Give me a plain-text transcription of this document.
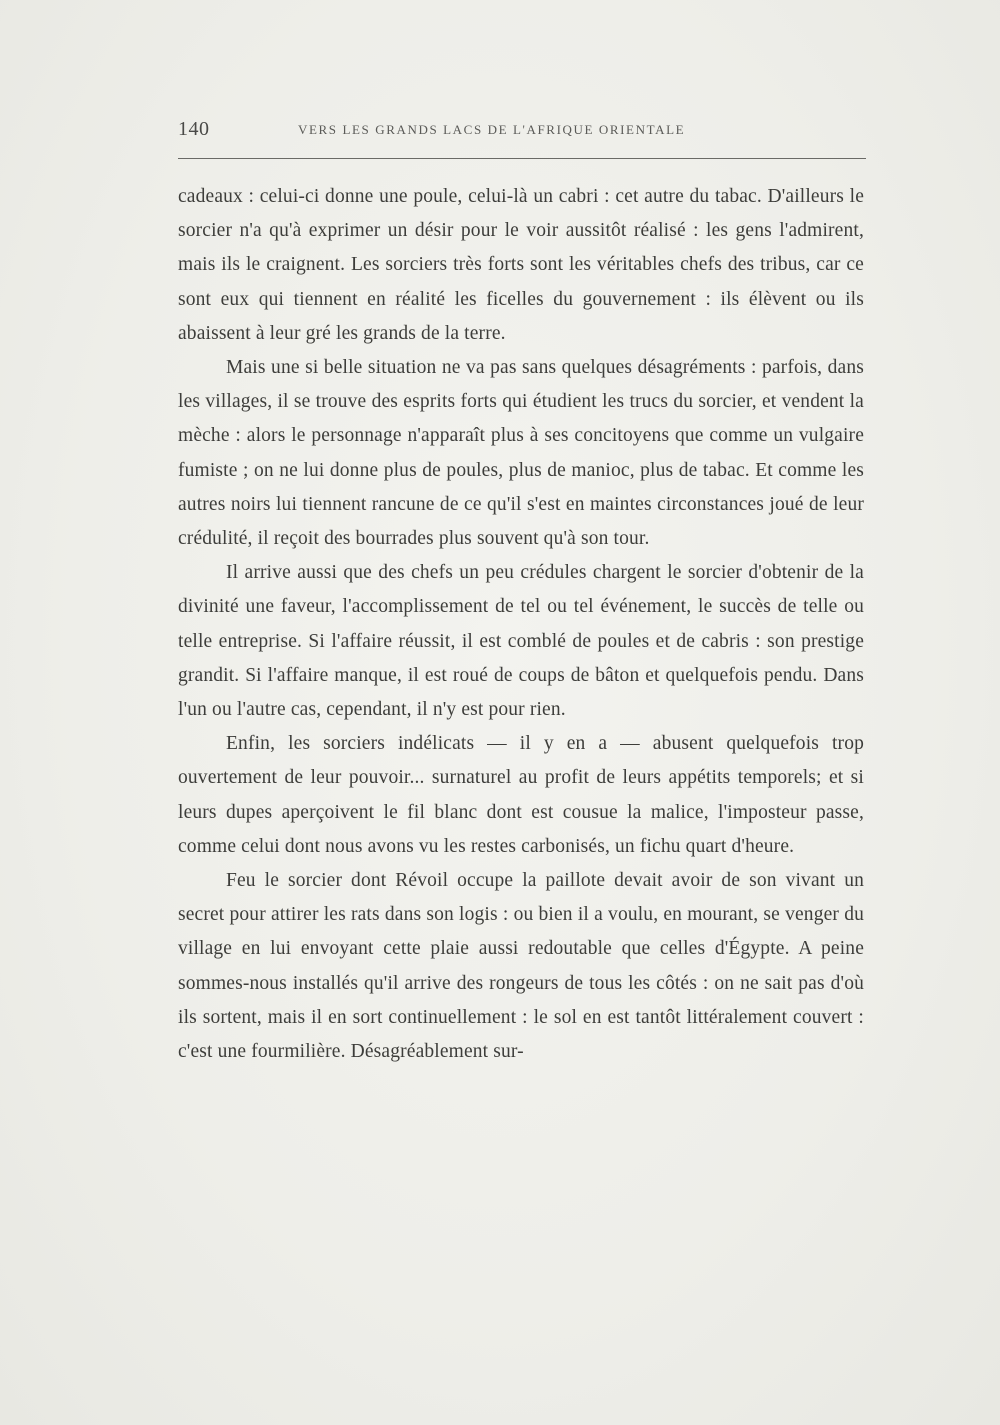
140	VERS LES GRANDS LACS DE L'AFRIQUE ORIENTALE

cadeaux : celui-ci donne une poule, celui-là un cabri : cet autre du tabac. D'ailleurs le sorcier n'a qu'à exprimer un désir pour le voir aussitôt réalisé : les gens l'admirent, mais ils le craignent. Les sorciers très forts sont les véritables chefs des tribus, car ce sont eux qui tiennent en réalité les ficelles du gouvernement : ils élèvent ou ils abaissent à leur gré les grands de la terre.

Mais une si belle situation ne va pas sans quelques désagréments : parfois, dans les villages, il se trouve des esprits forts qui étudient les trucs du sorcier, et vendent la mèche : alors le personnage n'apparaît plus à ses concitoyens que comme un vulgaire fumiste ; on ne lui donne plus de poules, plus de manioc, plus de tabac. Et comme les autres noirs lui tiennent rancune de ce qu'il s'est en maintes circonstances joué de leur crédulité, il reçoit des bourrades plus souvent qu'à son tour.

Il arrive aussi que des chefs un peu crédules chargent le sorcier d'obtenir de la divinité une faveur, l'accomplissement de tel ou tel événement, le succès de telle ou telle entreprise. Si l'affaire réussit, il est comblé de poules et de cabris : son prestige grandit. Si l'affaire manque, il est roué de coups de bâton et quelquefois pendu. Dans l'un ou l'autre cas, cependant, il n'y est pour rien.

Enfin, les sorciers indélicats — il y en a — abusent quelquefois trop ouvertement de leur pouvoir... surnaturel au profit de leurs appétits temporels; et si leurs dupes aperçoivent le fil blanc dont est cousue la malice, l'imposteur passe, comme celui dont nous avons vu les restes carbonisés, un fichu quart d'heure.

Feu le sorcier dont Révoil occupe la paillote devait avoir de son vivant un secret pour attirer les rats dans son logis : ou bien il a voulu, en mourant, se venger du village en lui envoyant cette plaie aussi redoutable que celles d'Égypte. A peine sommes-nous installés qu'il arrive des rongeurs de tous les côtés : on ne sait pas d'où ils sortent, mais il en sort continuellement : le sol en est tantôt littéralement couvert : c'est une fourmilière. Désagréablement sur-
